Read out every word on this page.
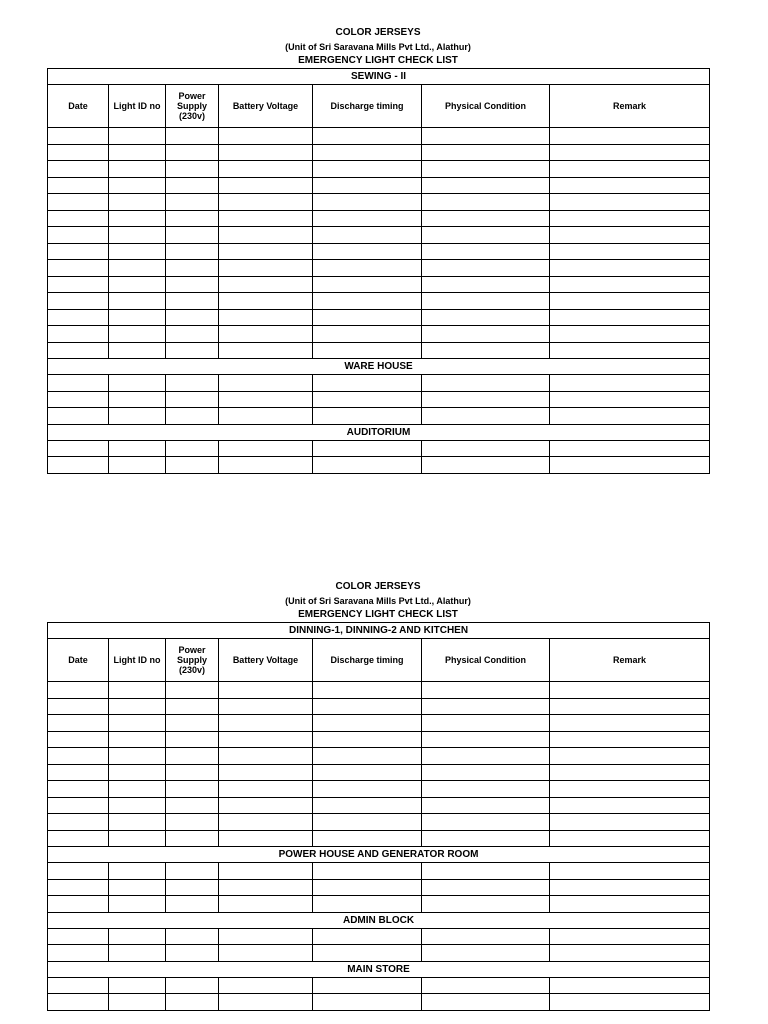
COLOR JERSEYS
(Unit of Sri Saravana Mills Pvt Ltd., Alathur)
EMERGENCY LIGHT CHECK LIST
SEWING - II						
Date	Light ID no	Power Supply (230v)	Battery Voltage	Discharge timing	Physical Condition	Remark

WARE HOUSE						

AUDITORIUM						

COLOR JERSEYS
(Unit of Sri Saravana Mills Pvt Ltd., Alathur)
EMERGENCY LIGHT CHECK LIST
DINNING-1, DINNING-2 AND KITCHEN						
Date	Light ID no	Power Supply (230v)	Battery Voltage	Discharge timing	Physical Condition	Remark

POWER HOUSE AND GENERATOR ROOM						

ADMIN BLOCK						

MAIN STORE						
